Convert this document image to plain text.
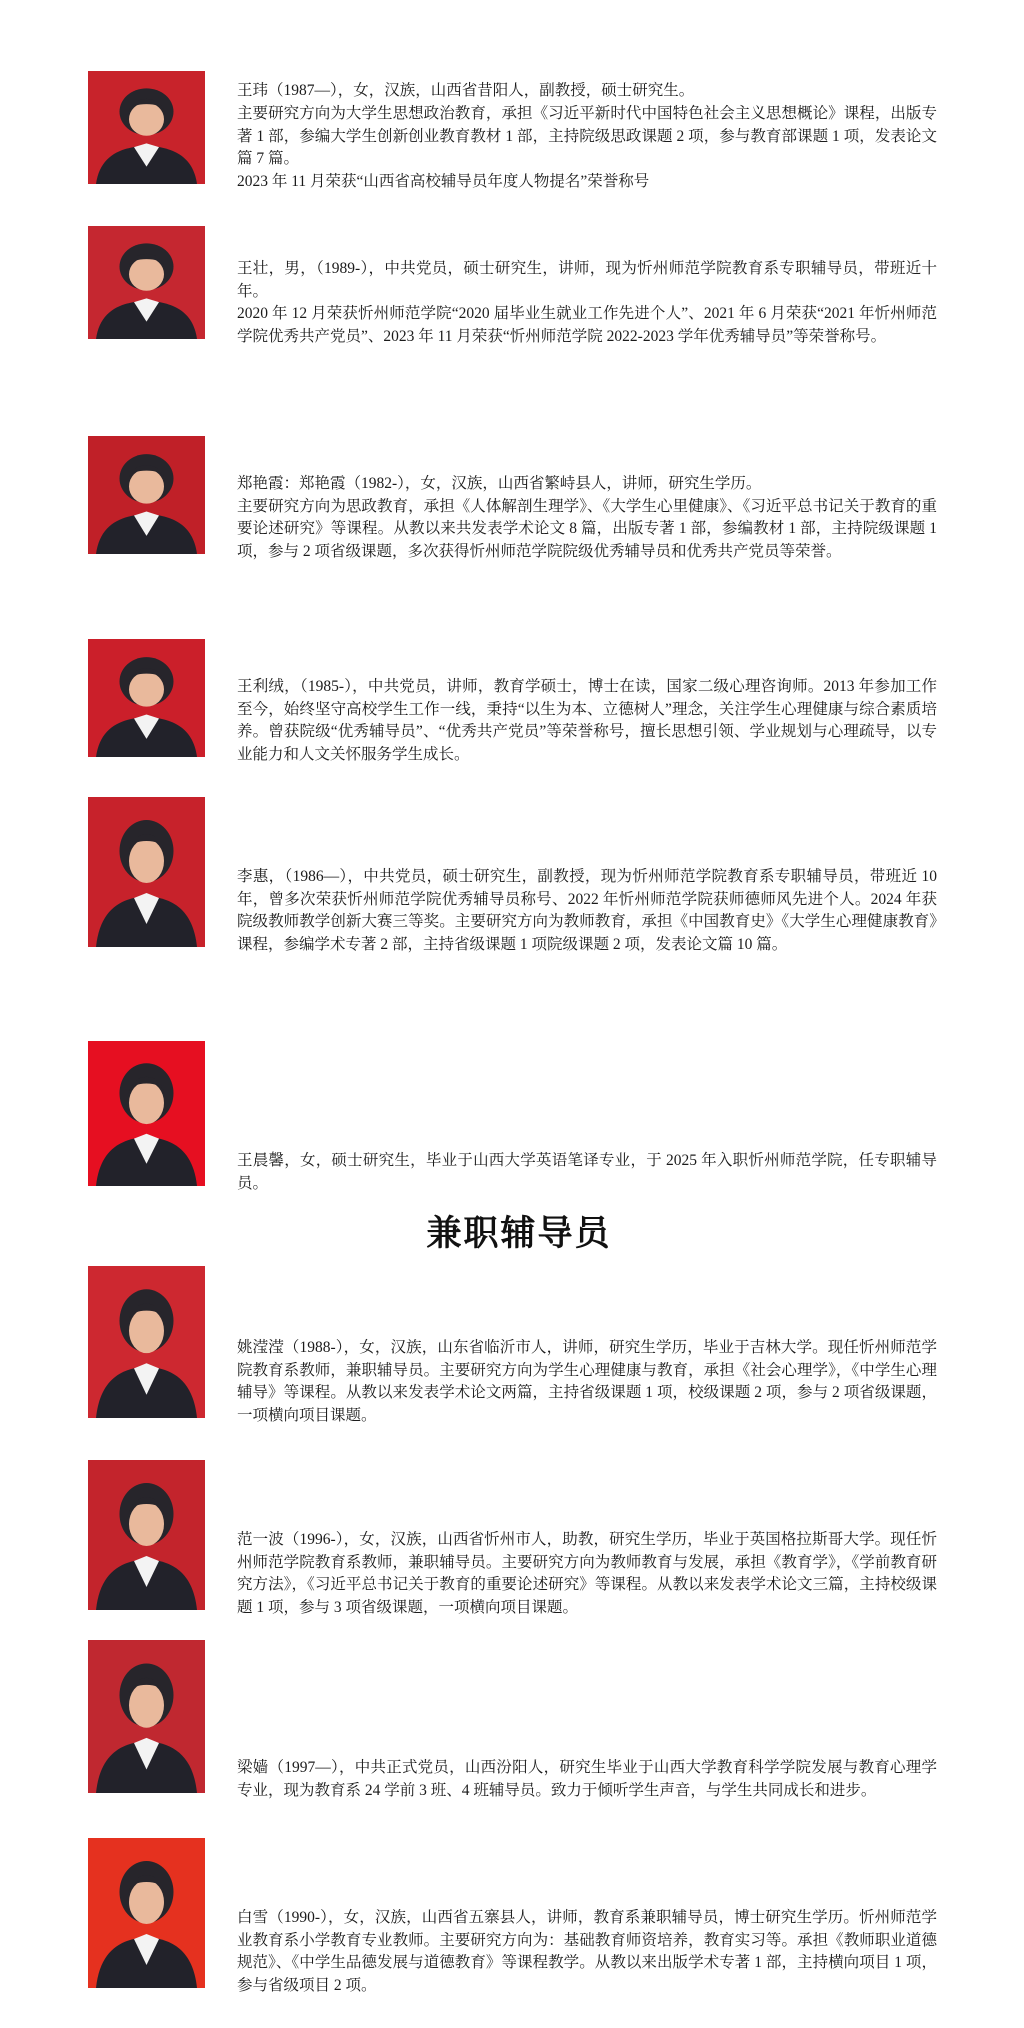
王玮（1987—），女，汉族，山西省昔阳人，副教授，硕士研究生。

主要研究方向为大学生思想政治教育，承担《习近平新时代中国特色社会主义思想概论》课程，出版专著 1 部，参编大学生创新创业教育教材 1 部，主持院级思政课题 2 项，参与教育部课题 1 项，发表论文篇 7 篇。

2023 年 11 月荣获“山西省高校辅导员年度人物提名”荣誉称号

王壮，男，（1989-），中共党员，硕士研究生，讲师，现为忻州师范学院教育系专职辅导员，带班近十年。

2020 年 12 月荣获忻州师范学院“2020 届毕业生就业工作先进个人”、2021 年 6 月荣获“2021 年忻州师范学院优秀共产党员”、2023 年 11 月荣获“忻州师范学院 2022-2023 学年优秀辅导员”等荣誉称号。

郑艳霞：郑艳霞（1982-），女，汉族，山西省繁峙县人，讲师，研究生学历。

主要研究方向为思政教育，承担《人体解剖生理学》、《大学生心里健康》、《习近平总书记关于教育的重要论述研究》等课程。从教以来共发表学术论文 8 篇，出版专著 1 部，参编教材 1 部，主持院级课题 1 项，参与 2 项省级课题，多次获得忻州师范学院院级优秀辅导员和优秀共产党员等荣誉。

王利绒，（1985-），中共党员，讲师，教育学硕士，博士在读，国家二级心理咨询师。2013 年参加工作至今，始终坚守高校学生工作一线，秉持“以生为本、立德树人”理念，关注学生心理健康与综合素质培养。曾获院级“优秀辅导员”、“优秀共产党员”等荣誉称号，擅长思想引领、学业规划与心理疏导，以专业能力和人文关怀服务学生成长。

李惠，（1986—），中共党员，硕士研究生，副教授，现为忻州师范学院教育系专职辅导员，带班近 10 年，曾多次荣获忻州师范学院优秀辅导员称号、2022 年忻州师范学院获师德师风先进个人。2024 年获院级教师教学创新大赛三等奖。主要研究方向为教师教育，承担《中国教育史》《大学生心理健康教育》课程，参编学术专著 2 部，主持省级课题 1 项院级课题 2 项，发表论文篇 10 篇。

王晨馨，女，硕士研究生，毕业于山西大学英语笔译专业，于 2025 年入职忻州师范学院，任专职辅导员。

兼职辅导员

姚滢滢（1988-），女，汉族，山东省临沂市人，讲师，研究生学历，毕业于吉林大学。现任忻州师范学院教育系教师，兼职辅导员。主要研究方向为学生心理健康与教育，承担《社会心理学》，《中学生心理辅导》等课程。从教以来发表学术论文两篇，主持省级课题 1 项，校级课题 2 项，参与 2 项省级课题，一项横向项目课题。

范一波（1996-），女，汉族，山西省忻州市人，助教，研究生学历，毕业于英国格拉斯哥大学。现任忻州师范学院教育系教师，兼职辅导员。主要研究方向为教师教育与发展，承担《教育学》，《学前教育研究方法》，《习近平总书记关于教育的重要论述研究》等课程。从教以来发表学术论文三篇，主持校级课题 1 项，参与 3 项省级课题，一项横向项目课题。

梁嫱（1997—），中共正式党员，山西汾阳人，研究生毕业于山西大学教育科学学院发展与教育心理学专业，现为教育系 24 学前 3 班、4 班辅导员。致力于倾听学生声音，与学生共同成长和进步。

白雪（1990-），女，汉族，山西省五寨县人，讲师，教育系兼职辅导员，博士研究生学历。忻州师范学业教育系小学教育专业教师。主要研究方向为：基础教育师资培养，教育实习等。承担《教师职业道德规范》、《中学生品德发展与道德教育》等课程教学。从教以来出版学术专著 1 部，主持横向项目 1 项，参与省级项目 2 项。
